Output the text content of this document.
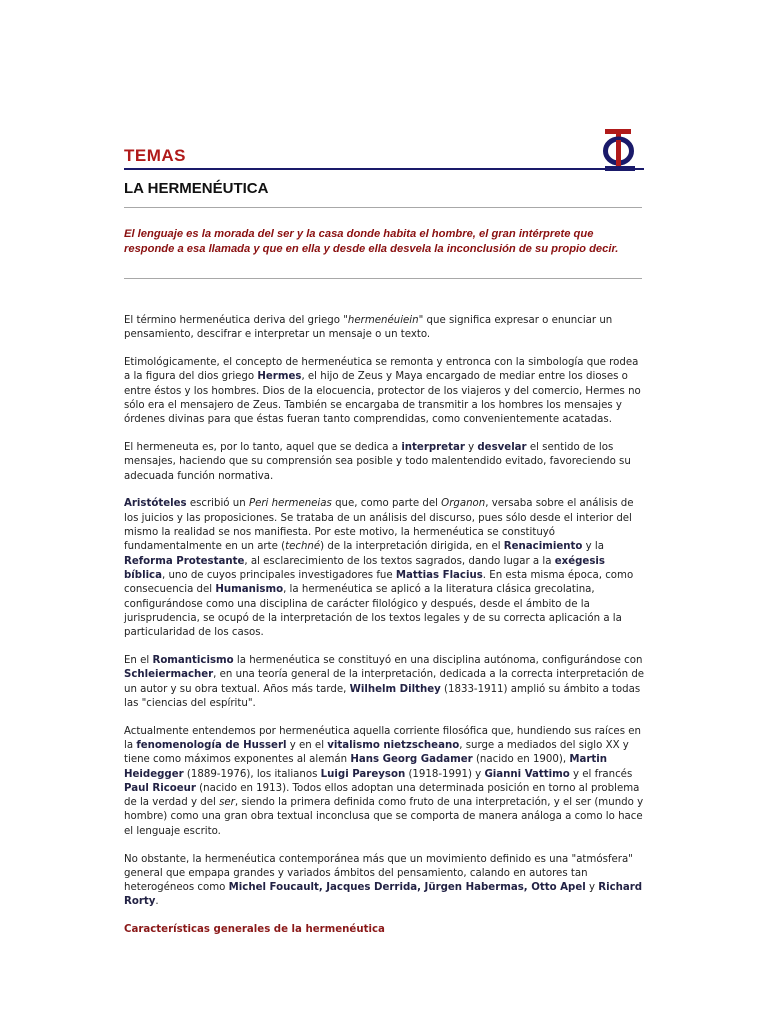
TEMAS
LA HERMENÉUTICA
El lenguaje es la morada del ser y la casa donde habita el hombre, el gran intérprete que responde a esa llamada y que en ella y desde ella desvela la inconclusión de su propio decir.

El término hermenéutica deriva del griego "hermenéuiein" que significa expresar o enunciar un pensamiento, descifrar e interpretar un mensaje o un texto.

Etimológicamente, el concepto de hermenéutica se remonta y entronca con la simbología que rodea a la figura del dios griego Hermes, el hijo de Zeus y Maya encargado de mediar entre los dioses o entre éstos y los hombres. Dios de la elocuencia, protector de los viajeros y del comercio, Hermes no sólo era el mensajero de Zeus. También se encargaba de transmitir a los hombres los mensajes y órdenes divinas para que éstas fueran tanto comprendidas, como convenientemente acatadas.

El hermeneuta es, por lo tanto, aquel que se dedica a interpretar y desvelar el sentido de los mensajes, haciendo que su comprensión sea posible y todo malentendido evitado, favoreciendo su adecuada función normativa.

Aristóteles escribió un Peri hermeneias que, como parte del Organon, versaba sobre el análisis de los juicios y las proposiciones. Se trataba de un análisis del discurso, pues sólo desde el interior del mismo la realidad se nos manifiesta. Por este motivo, la hermenéutica se constituyó fundamentalmente en un arte (techné) de la interpretación dirigida, en el Renacimiento y la Reforma Protestante, al esclarecimiento de los textos sagrados, dando lugar a la exégesis bíblica, uno de cuyos principales investigadores fue Mattias Flacius. En esta misma época, como consecuencia del Humanismo, la hermenéutica se aplicó a la literatura clásica grecolatina, configurándose como una disciplina de carácter filológico y después, desde el ámbito de la jurisprudencia, se ocupó de la interpretación de los textos legales y de su correcta aplicación a la particularidad de los casos.

En el Romanticismo la hermenéutica se constituyó en una disciplina autónoma, configurándose con Schleiermacher, en una teoría general de la interpretación, dedicada a la correcta interpretación de un autor y su obra textual. Años más tarde, Wilhelm Dilthey (1833-1911) amplió su ámbito a todas las "ciencias del espíritu".

Actualmente entendemos por hermenéutica aquella corriente filosófica que, hundiendo sus raíces en la fenomenología de Husserl y en el vitalismo nietzscheano, surge a mediados del siglo XX y tiene como máximos exponentes al alemán Hans Georg Gadamer (nacido en 1900), Martin Heidegger (1889-1976), los italianos Luigi Pareyson (1918-1991) y Gianni Vattimo y el francés Paul Ricoeur (nacido en 1913). Todos ellos adoptan una determinada posición en torno al problema de la verdad y del ser, siendo la primera definida como fruto de una interpretación, y el ser (mundo y hombre) como una gran obra textual inconclusa que se comporta de manera análoga a como lo hace el lenguaje escrito.

No obstante, la hermenéutica contemporánea más que un movimiento definido es una "atmósfera" general que empapa grandes y variados ámbitos del pensamiento, calando en autores tan heterogéneos como Michel Foucault, Jacques Derrida, Jürgen Habermas, Otto Apel y Richard Rorty.

Características generales de la hermenéutica
